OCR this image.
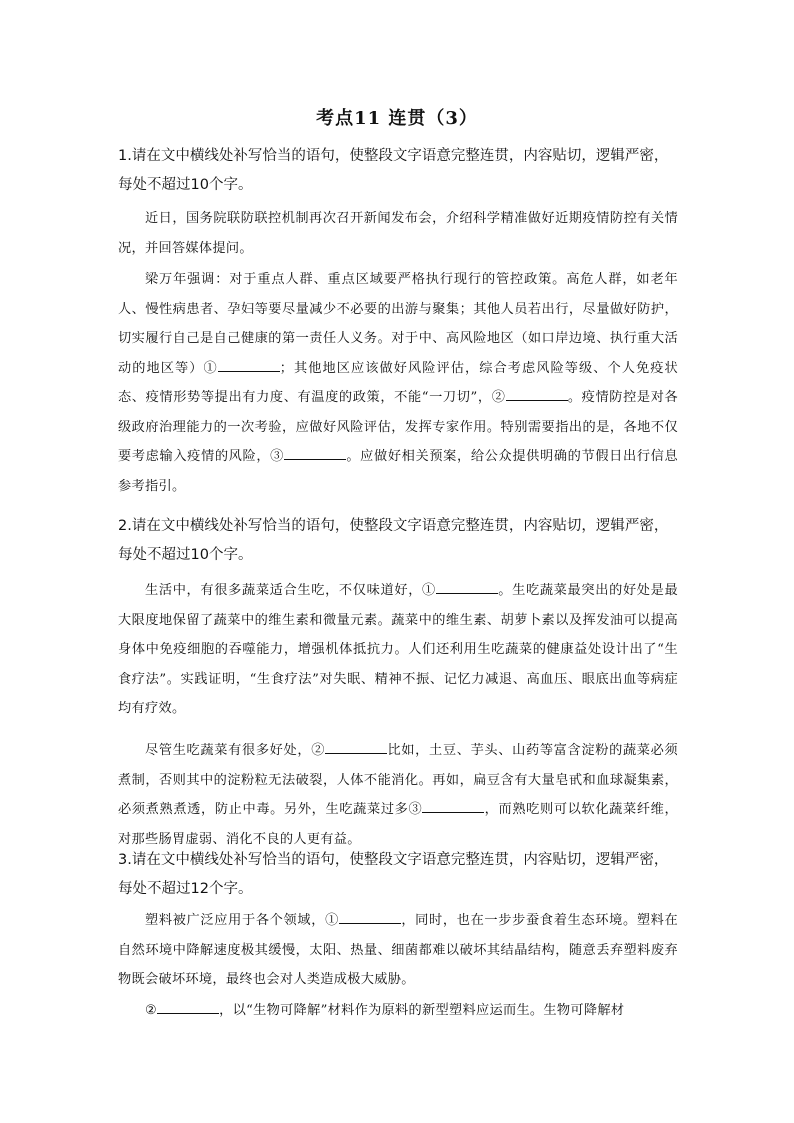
考点11 连贯（3）
1.请在文中横线处补写恰当的语句，使整段文字语意完整连贯，内容贴切，逻辑严密，每处不超过10个字。
近日，国务院联防联控机制再次召开新闻发布会，介绍科学精准做好近期疫情防控有关情况，并回答媒体提问。
梁万年强调：对于重点人群、重点区域要严格执行现行的管控政策。高危人群，如老年人、慢性病患者、孕妇等要尽量减少不必要的出游与聚集；其他人员若出行，尽量做好防护，切实履行自己是自己健康的第一责任人义务。对于中、高风险地区（如口岸边境、执行重大活动的地区等）①	；其他地区应该做好风险评估，综合考虑风险等级、个人免疫状态、疫情形势等提出有力度、有温度的政策，不能“一刀切”，②	。疫情防控是对各级政府治理能力的一次考验，应做好风险评估，发挥专家作用。特别需要指出的是，各地不仅要考虑输入疫情的风险，③	。应做好相关预案，给公众提供明确的节假日出行信息参考指引。
2.请在文中横线处补写恰当的语句，使整段文字语意完整连贯，内容贴切，逻辑严密，每处不超过10个字。
生活中，有很多蔬菜适合生吃，不仅味道好，①	。生吃蔬菜最突出的好处是最大限度地保留了蔬菜中的维生素和微量元素。蔬菜中的维生素、胡萝卜素以及挥发油可以提高身体中免疫细胞的吞噬能力，增强机体抵抗力。人们还利用生吃蔬菜的健康益处设计出了“生食疗法”。实践证明，“生食疗法”对失眠、精神不振、记忆力减退、高血压、眼底出血等病症均有疗效。
尽管生吃蔬菜有很多好处，②	比如，土豆、芋头、山药等富含淀粉的蔬菜必须煮制，否则其中的淀粉粒无法破裂，人体不能消化。再如，扁豆含有大量皂甙和血球凝集素，必须煮熟煮透，防止中毒。另外，生吃蔬菜过多③	，而熟吃则可以软化蔬菜纤维，对那些肠胃虚弱、消化不良的人更有益。
3.请在文中横线处补写恰当的语句，使整段文字语意完整连贯，内容贴切，逻辑严密，每处不超过12个字。
塑料被广泛应用于各个领域，①	，同时，也在一步步蚕食着生态环境。塑料在自然环境中降解速度极其缓慢，太阳、热量、细菌都难以破坏其结晶结构，随意丢弃塑料废弃物既会破坏环境，最终也会对人类造成极大威胁。
②	，以“生物可降解”材料作为原料的新型塑料应运而生。生物可降解材
